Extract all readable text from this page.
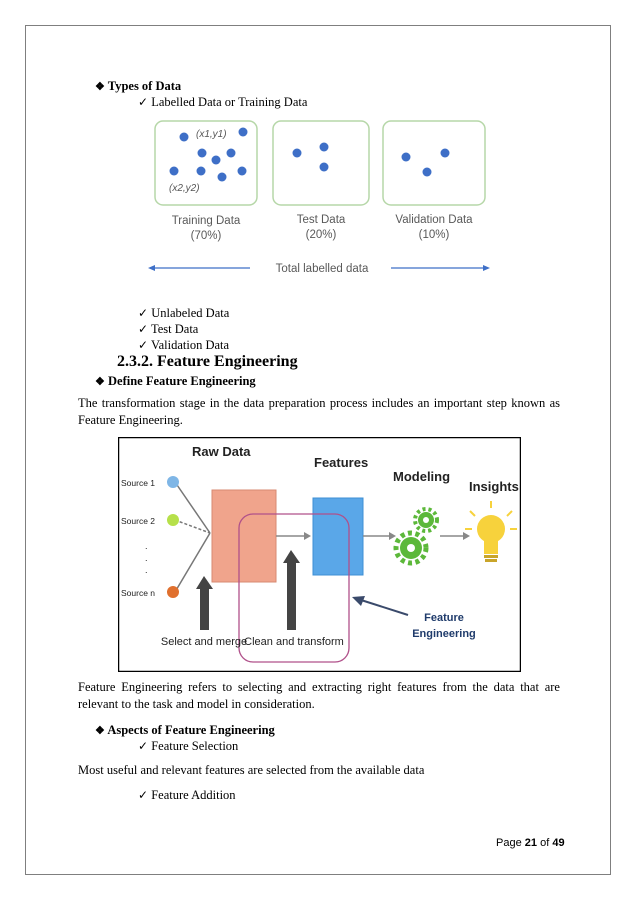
❖ Types of Data
✓ Labelled Data or Training Data
(x1,y1)
(x2,y2)
Training Data
(70%)
Test Data
(20%)
Validation Data
(10%)
Total labelled data
✓ Unlabeled Data
✓ Test Data
✓ Validation Data
2.3.2. Feature Engineering
❖ Define Feature Engineering
The transformation stage in the data preparation process includes an important step known as Feature Engineering.
Raw Data
Features
Modeling
Insights
Source 1
Source 2
Source n
.
.
.
Select and merge
Clean and transform
Feature
Engineering
Feature Engineering refers to selecting and extracting right features from the data that are relevant to the task and model in consideration.
❖ Aspects of Feature Engineering
✓ Feature Selection
Most useful and relevant features are selected from the available data
✓ Feature Addition
Page 21 of 49
